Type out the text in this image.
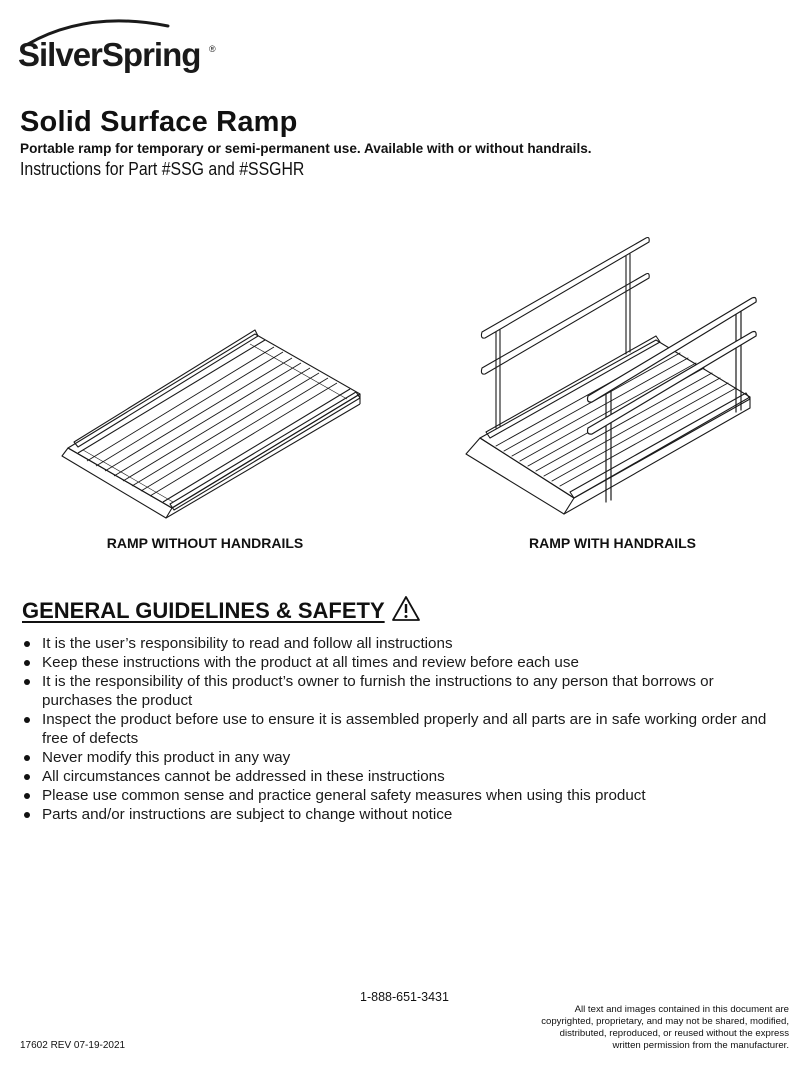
SilverSpring ®
Solid Surface Ramp
Portable ramp for temporary or semi-permanent use. Available with or without handrails.
Instructions for Part #SSG and #SSGHR
RAMP WITHOUT HANDRAILS	RAMP WITH HANDRAILS
GENERAL GUIDELINES & SAFETY
It is the user’s responsibility to read and follow all instructions
Keep these instructions with the product at all times and review before each use
It is the responsibility of this product’s owner to furnish the instructions to any person that borrows or purchases the product
Inspect the product before use to ensure it is assembled properly and all parts are in safe working order and free of defects
Never modify this product in any way
All circumstances cannot be addressed in these instructions
Please use common sense and practice general safety measures when using this product
Parts and/or instructions are subject to change without notice
1-888-651-3431
17602 REV 07-19-2021
All text and images contained in this document are
copyrighted, proprietary, and may not be shared, modified,
distributed, reproduced, or reused without the express
written permission from the manufacturer.
